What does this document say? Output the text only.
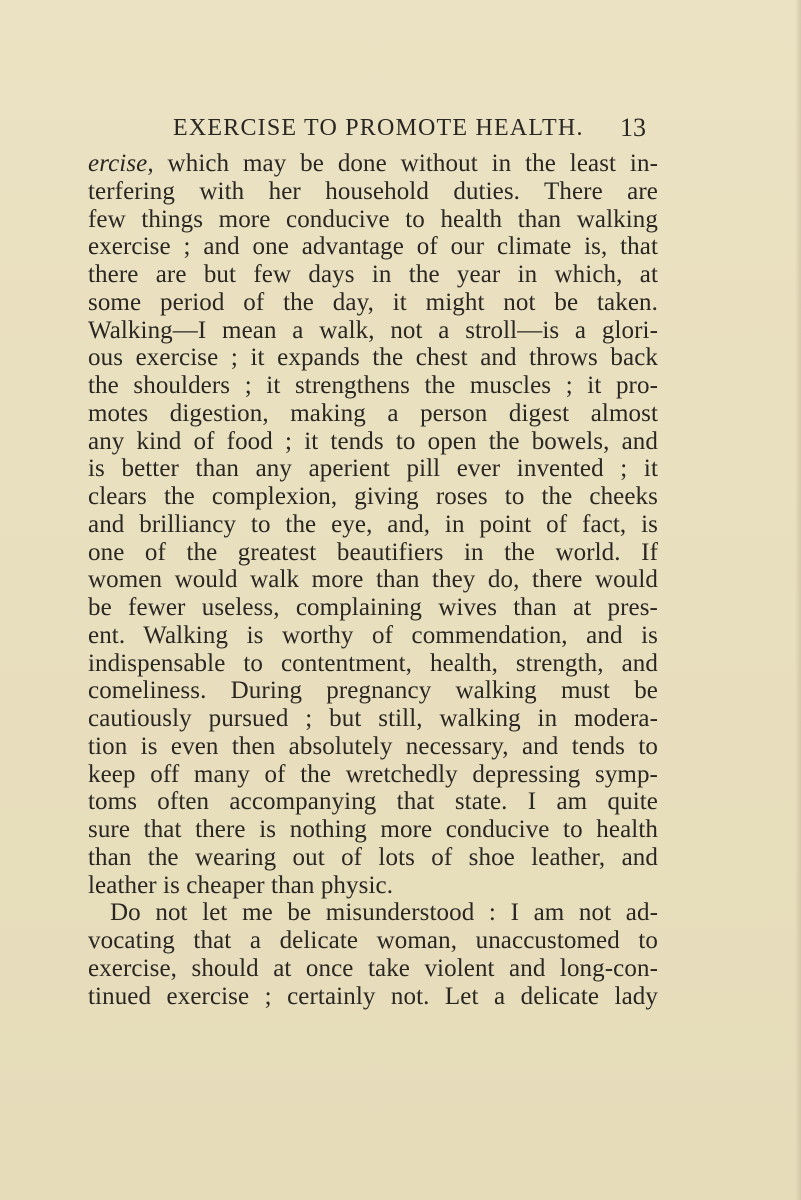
EXERCISE TO PROMOTE HEALTH. 13
ercise, which may be done without in the least in-
terfering with her household duties. There are
few things more conducive to health than walking
exercise ; and one advantage of our climate is, that
there are but few days in the year in which, at
some period of the day, it might not be taken.
Walking—I mean a walk, not a stroll—is a glori-
ous exercise ; it expands the chest and throws back
the shoulders ; it strengthens the muscles ; it pro-
motes digestion, making a person digest almost
any kind of food ; it tends to open the bowels, and
is better than any aperient pill ever invented ; it
clears the complexion, giving roses to the cheeks
and brilliancy to the eye, and, in point of fact, is
one of the greatest beautifiers in the world. If
women would walk more than they do, there would
be fewer useless, complaining wives than at pres-
ent. Walking is worthy of commendation, and is
indispensable to contentment, health, strength, and
comeliness. During pregnancy walking must be
cautiously pursued ; but still, walking in modera-
tion is even then absolutely necessary, and tends to
keep off many of the wretchedly depressing symp-
toms often accompanying that state. I am quite
sure that there is nothing more conducive to health
than the wearing out of lots of shoe leather, and
leather is cheaper than physic.
Do not let me be misunderstood : I am not ad-
vocating that a delicate woman, unaccustomed to
exercise, should at once take violent and long-con-
tinued exercise ; certainly not. Let a delicate lady
